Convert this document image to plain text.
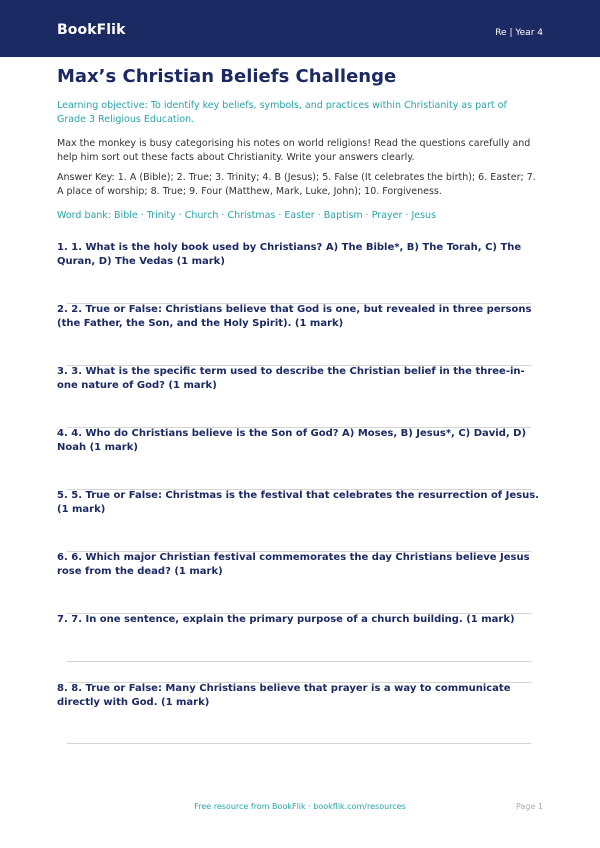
BookFlik	Re | Year 4
Max’s Christian Beliefs Challenge
Learning objective: To identify key beliefs, symbols, and practices within Christianity as part of Grade 3 Religious Education.
Max the monkey is busy categorising his notes on world religions! Read the questions carefully and help him sort out these facts about Christianity. Write your answers clearly.
Answer Key: 1. A (Bible); 2. True; 3. Trinity; 4. B (Jesus); 5. False (It celebrates the birth); 6. Easter; 7. A place of worship; 8. True; 9. Four (Matthew, Mark, Luke, John); 10. Forgiveness.
Word bank: Bible · Trinity · Church · Christmas · Easter · Baptism · Prayer · Jesus
1. 1. What is the holy book used by Christians? A) The Bible*, B) The Torah, C) The Quran, D) The Vedas (1 mark)
2. 2. True or False: Christians believe that God is one, but revealed in three persons (the Father, the Son, and the Holy Spirit). (1 mark)
3. 3. What is the specific term used to describe the Christian belief in the three-in-one nature of God? (1 mark)
4. 4. Who do Christians believe is the Son of God? A) Moses, B) Jesus*, C) David, D) Noah (1 mark)
5. 5. True or False: Christmas is the festival that celebrates the resurrection of Jesus. (1 mark)
6. 6. Which major Christian festival commemorates the day Christians believe Jesus rose from the dead? (1 mark)
7. 7. In one sentence, explain the primary purpose of a church building. (1 mark)
8. 8. True or False: Many Christians believe that prayer is a way to communicate directly with God. (1 mark)
Free resource from BookFlik · bookflik.com/resources	Page 1
